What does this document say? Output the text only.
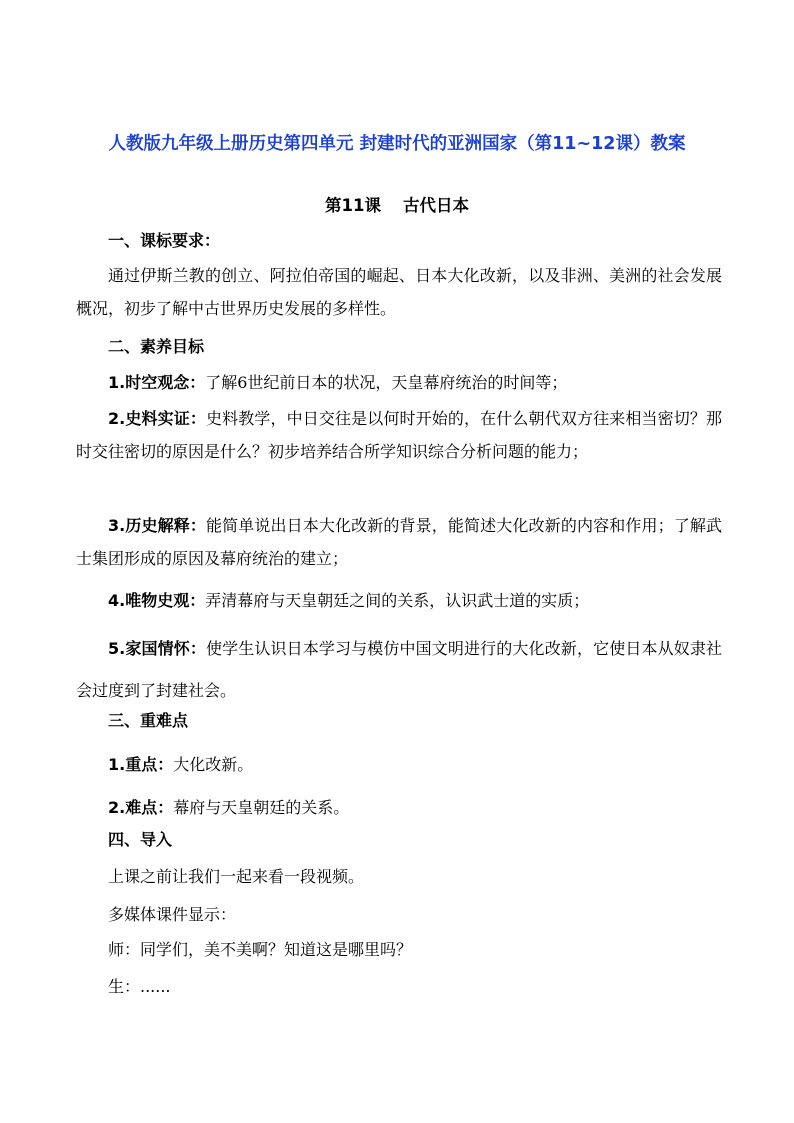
人教版九年级上册历史第四单元 封建时代的亚洲国家（第11~12课）教案
第11课 古代日本
一、课标要求：
通过伊斯兰教的创立、阿拉伯帝国的崛起、日本大化改新，以及非洲、美洲的社会发展概况，初步了解中古世界历史发展的多样性。
二、素养目标
1.时空观念：了解6世纪前日本的状况，天皇幕府统治的时间等；
2.史料实证：史料教学，中日交往是以何时开始的，在什么朝代双方往来相当密切？那时交往密切的原因是什么？初步培养结合所学知识综合分析问题的能力；
3.历史解释：能简单说出日本大化改新的背景，能简述大化改新的内容和作用；了解武士集团形成的原因及幕府统治的建立；
4.唯物史观：弄清幕府与天皇朝廷之间的关系，认识武士道的实质；
5.家国情怀：使学生认识日本学习与模仿中国文明进行的大化改新，它使日本从奴隶社会过度到了封建社会。
三、重难点
1.重点：大化改新。
2.难点：幕府与天皇朝廷的关系。
四、导入
上课之前让我们一起来看一段视频。
多媒体课件显示：
师：同学们，美不美啊？知道这是哪里吗？
生：......
